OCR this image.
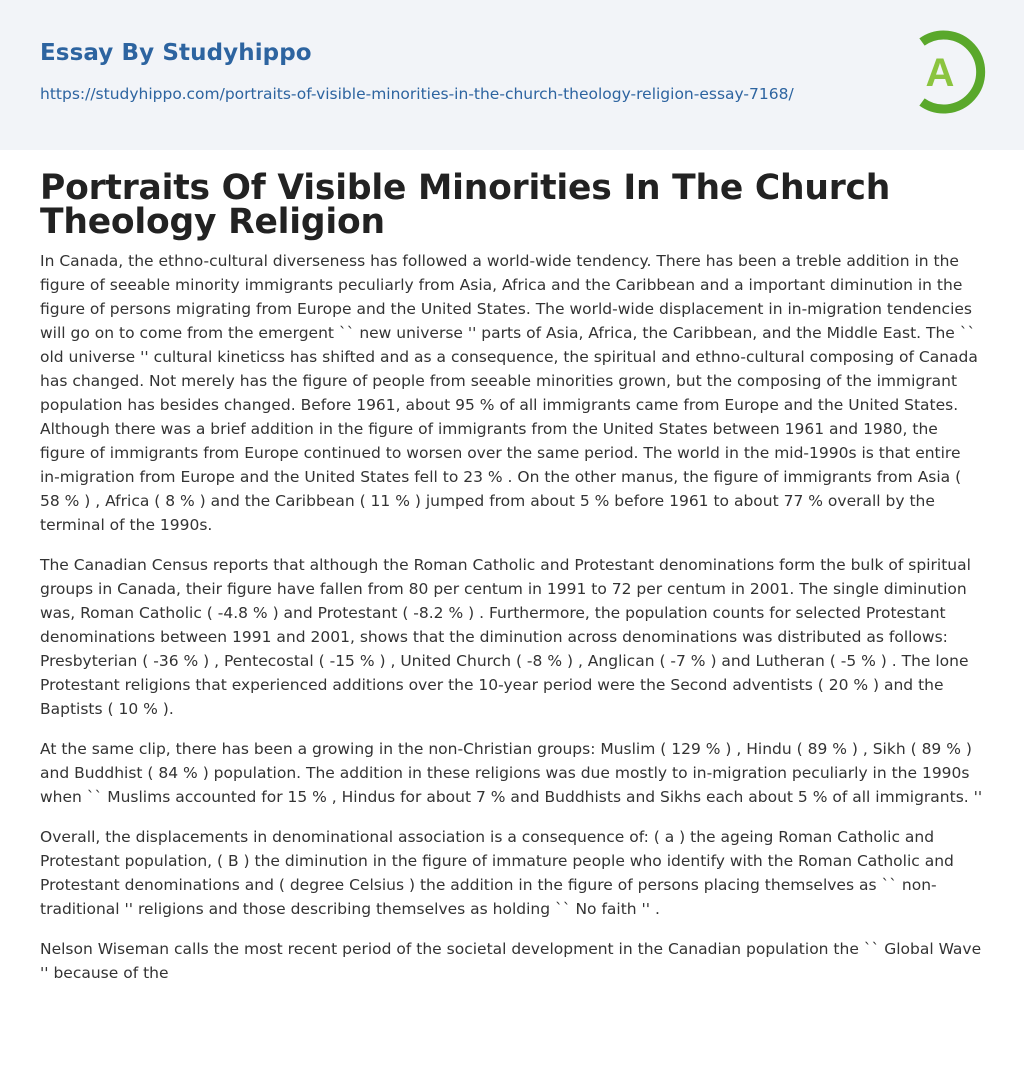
Essay By Studyhippo
https://studyhippo.com/portraits-of-visible-minorities-in-the-church-theology-religion-essay-7168/	A
Portraits Of Visible Minorities In The Church Theology Religion

In Canada, the ethno-cultural diverseness has followed a world-wide tendency. There has been a treble addition in the figure of seeable minority immigrants peculiarly from Asia, Africa and the Caribbean and a important diminution in the figure of persons migrating from Europe and the United States. The world-wide displacement in in-migration tendencies will go on to come from the emergent `` new universe '' parts of Asia, Africa, the Caribbean, and the Middle East. The `` old universe '' cultural kineticss has shifted and as a consequence, the spiritual and ethno-cultural composing of Canada has changed. Not merely has the figure of people from seeable minorities grown, but the composing of the immigrant population has besides changed. Before 1961, about 95 % of all immigrants came from Europe and the United States. Although there was a brief addition in the figure of immigrants from the United States between 1961 and 1980, the figure of immigrants from Europe continued to worsen over the same period. The world in the mid-1990s is that entire in-migration from Europe and the United States fell to 23 % . On the other manus, the figure of immigrants from Asia ( 58 % ) , Africa ( 8 % ) and the Caribbean ( 11 % ) jumped from about 5 % before 1961 to about 77 % overall by the terminal of the 1990s.

The Canadian Census reports that although the Roman Catholic and Protestant denominations form the bulk of spiritual groups in Canada, their figure have fallen from 80 per centum in 1991 to 72 per centum in 2001. The single diminution was, Roman Catholic ( -4.8 % ) and Protestant ( -8.2 % ) . Furthermore, the population counts for selected Protestant denominations between 1991 and 2001, shows that the diminution across denominations was distributed as follows: Presbyterian ( -36 % ) , Pentecostal ( -15 % ) , United Church ( -8 % ) , Anglican ( -7 % ) and Lutheran ( -5 % ) . The lone Protestant religions that experienced additions over the 10-year period were the Second adventists ( 20 % ) and the Baptists ( 10 % ).

At the same clip, there has been a growing in the non-Christian groups: Muslim ( 129 % ) , Hindu ( 89 % ) , Sikh ( 89 % ) and Buddhist ( 84 % ) population. The addition in these religions was due mostly to in-migration peculiarly in the 1990s when `` Muslims accounted for 15 % , Hindus for about 7 % and Buddhists and Sikhs each about 5 % of all immigrants. ''

Overall, the displacements in denominational association is a consequence of: ( a ) the ageing Roman Catholic and Protestant population, ( B ) the diminution in the figure of immature people who identify with the Roman Catholic and Protestant denominations and ( degree Celsius ) the addition in the figure of persons placing themselves as `` non-traditional '' religions and those describing themselves as holding `` No faith '' .

Nelson Wiseman calls the most recent period of the societal development in the Canadian population the `` Global Wave '' because of the
